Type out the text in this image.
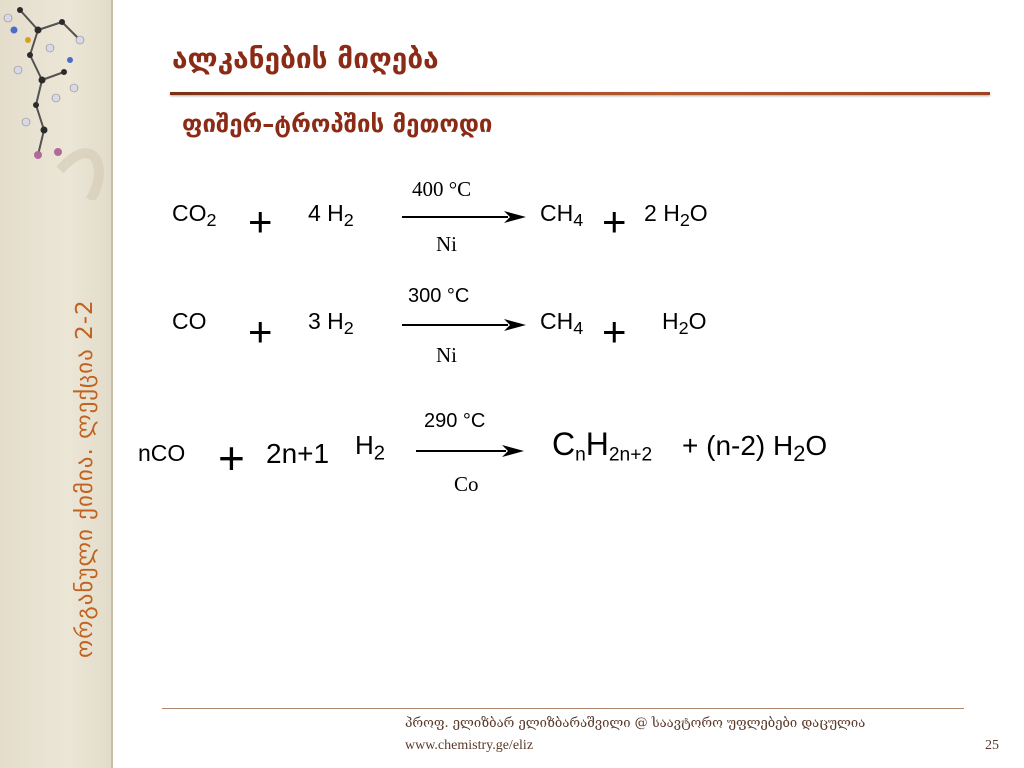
ორგანული ქიმია. ლექცია 2-2
ალკანების მიღება
ფიშერ–ტროპშის მეთოდი
$CO_2 + 4$ $H_2$
400 °C
Ni
$CH_4 + 2$ $H_2O$
CO + 3 $H_2$
300 °C
Ni
$CH_4 + H_2O$
nCO + 2n+1 $H_2$
290 °C
Co
$C_nH_{2n+2} + (n-2)$ $H_2O$
პროფ. ელიზბარ ელიზბარაშვილი @ საავტორო უფლებები დაცულია
www.chemistry.ge/eliz	25
